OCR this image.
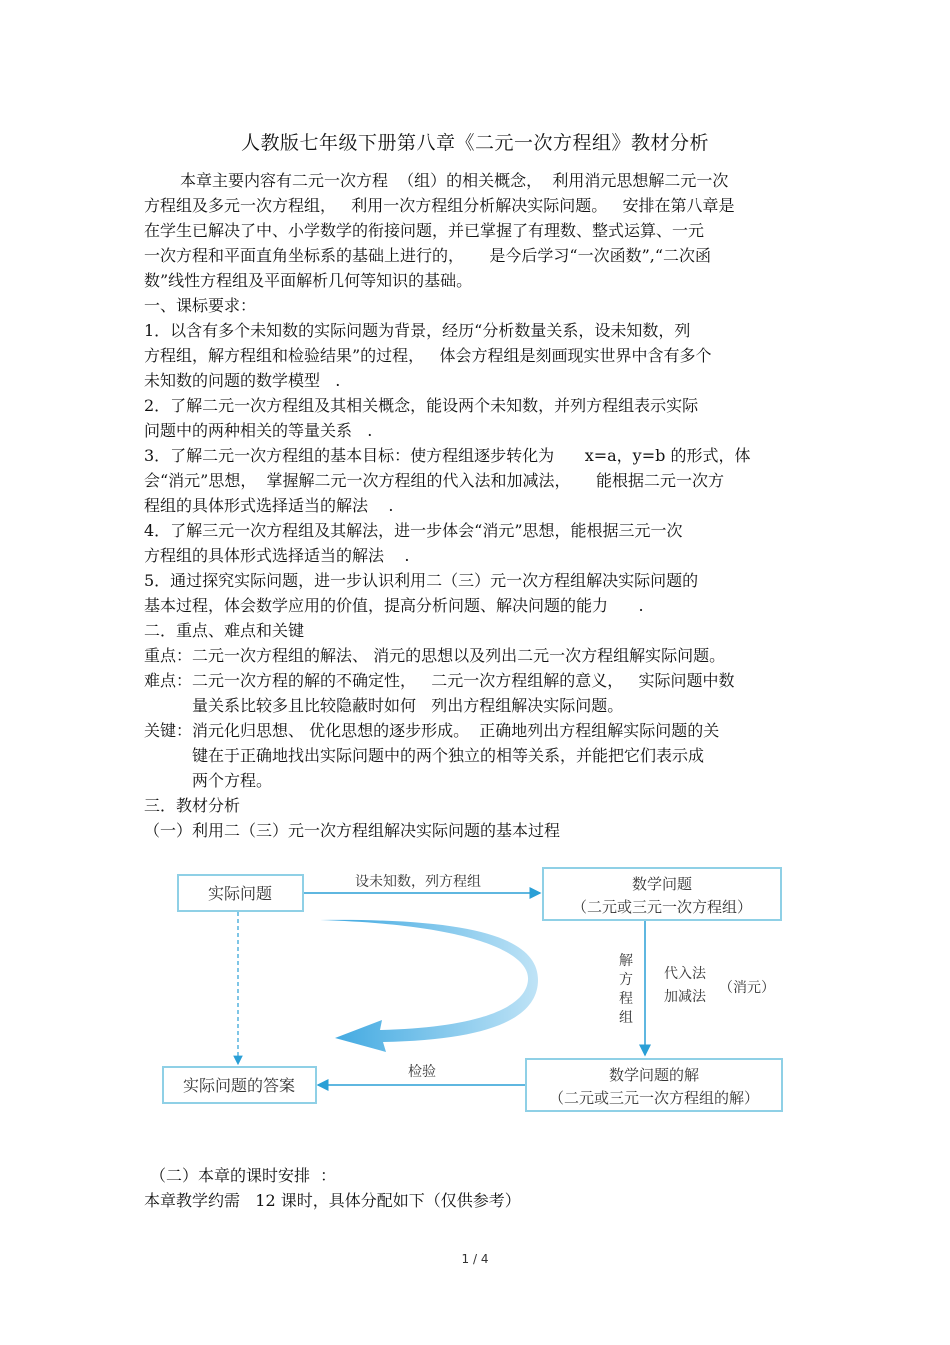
人教版七年级下册第八章《二元一次方程组》教材分析
本章主要内容有二元一次方程  （组）的相关概念，  利用消元思想解二元一次
方程组及多元一次方程组，   利用一次方程组分析解决实际问题。   安排在第八章是
在学生已解决了中、小学数学的衔接问题，并已掌握了有理数、整式运算、一元
一次方程和平面直角坐标系的基础上进行的，     是今后学习“一次函数”,“二次函
数”线性方程组及平面解析几何等知识的基础。
一、课标要求：
1．以含有多个未知数的实际问题为背景，经历“分析数量关系，设未知数，列
方程组，解方程组和检验结果”的过程，   体会方程组是刻画现实世界中含有多个
未知数的问题的数学模型   .
2．了解二元一次方程组及其相关概念，能设两个未知数，并列方程组表示实际
问题中的两种相关的等量关系   .
3．了解二元一次方程组的基本目标：使方程组逐步转化为      x=a，y=b 的形式，体
会“消元”思想，  掌握解二元一次方程组的代入法和加减法，     能根据二元一次方
程组的具体形式选择适当的解法    .
4．了解三元一次方程组及其解法，进一步体会“消元”思想，能根据三元一次
方程组的具体形式选择适当的解法    .
5．通过探究实际问题，进一步认识利用二（三）元一次方程组解决实际问题的
基本过程，体会数学应用的价值，提高分析问题、解决问题的能力      .
二．重点、难点和关键
重点：二元一次方程组的解法、 消元的思想以及列出二元一次方程组解实际问题。
难点：二元一次方程的解的不确定性，   二元一次方程组解的意义，   实际问题中数
量关系比较多且比较隐蔽时如何   列出方程组解决实际问题。
关键：消元化归思想、 优化思想的逐步形成。  正确地列出方程组解实际问题的关
键在于正确地找出实际问题中的两个独立的相等关系，并能把它们表示成
两个方程。
三．教材分析
（一）利用二（三）元一次方程组解决实际问题的基本过程
实际问题
设未知数，列方程组	数学问题
（二元或三元一次方程组）
解
方
程
组
代入法
加减法
（消元）
数学问题的解
（二元或三元一次方程组的解）
检验
实际问题的答案
（二）本章的课时安排  ：
本章教学约需   12 课时，具体分配如下（仅供参考）
1 / 4
